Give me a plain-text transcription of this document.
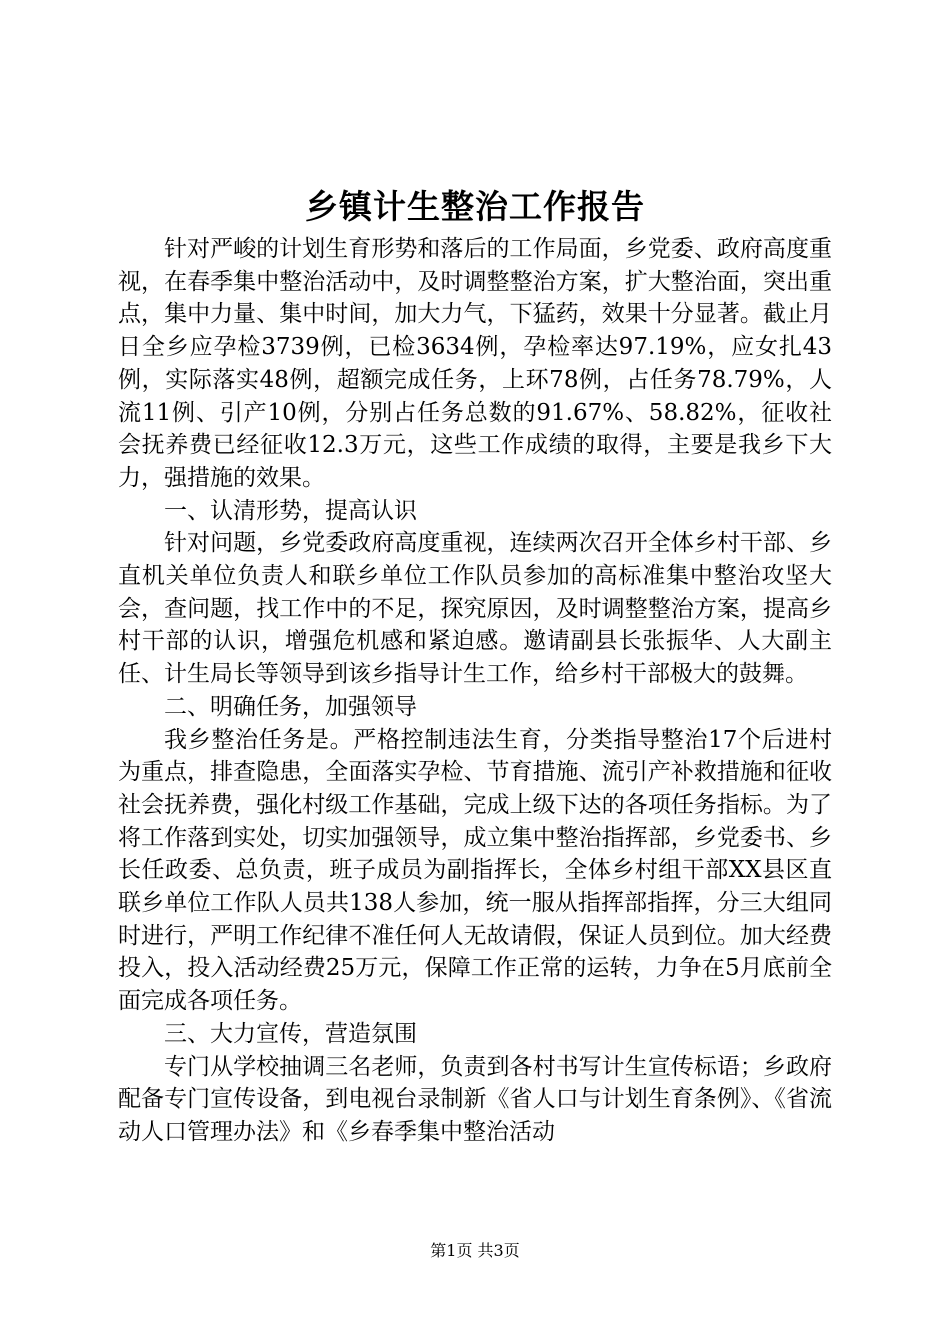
乡镇计生整治工作报告

针对严峻的计划生育形势和落后的工作局面，乡党委、政府高度重视，在春季集中整治活动中，及时调整整治方案，扩大整治面，突出重点，集中力量、集中时间，加大力气，下猛药，效果十分显著。截止月日全乡应孕检3739例，已检3634例，孕检率达97.19%，应女扎43例，实际落实48例，超额完成任务，上环78例，占任务78.79%，人流11例、引产10例，分别占任务总数的91.67%、58.82%，征收社会抚养费已经征收12.3万元，这些工作成绩的取得，主要是我乡下大力，强措施的效果。

一、认清形势，提高认识

针对问题，乡党委政府高度重视，连续两次召开全体乡村干部、乡直机关单位负责人和联乡单位工作队员参加的高标准集中整治攻坚大会，查问题，找工作中的不足，探究原因，及时调整整治方案，提高乡村干部的认识，增强危机感和紧迫感。邀请副县长张振华、人大副主任、计生局长等领导到该乡指导计生工作，给乡村干部极大的鼓舞。

二、明确任务，加强领导

我乡整治任务是。严格控制违法生育，分类指导整治17个后进村为重点，排查隐患，全面落实孕检、节育措施、流引产补救措施和征收社会抚养费，强化村级工作基础，完成上级下达的各项任务指标。为了将工作落到实处，切实加强领导，成立集中整治指挥部，乡党委书、乡长任政委、总负责，班子成员为副指挥长，全体乡村组干部XX县区直联乡单位工作队人员共138人参加，统一服从指挥部指挥，分三大组同时进行，严明工作纪律不准任何人无故请假，保证人员到位。加大经费投入，投入活动经费25万元，保障工作正常的运转，力争在5月底前全面完成各项任务。

三、大力宣传，营造氛围

专门从学校抽调三名老师，负责到各村书写计生宣传标语；乡政府配备专门宣传设备，到电视台录制新《省人口与计划生育条例》、《省流动人口管理办法》和《乡春季集中整治活动

第1页 共3页
